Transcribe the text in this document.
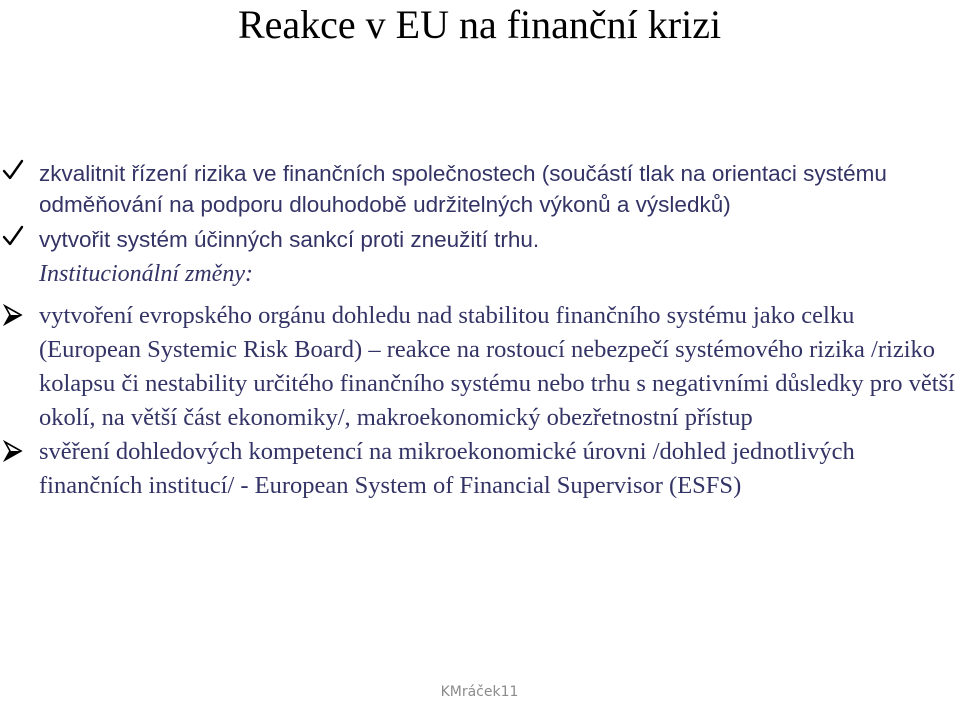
Reakce v EU na finanční krizi
zkvalitnit řízení rizika ve finančních společnostech (součástí tlak na orientaci systému odměňování na podporu dlouhodobě udržitelných výkonů a výsledků)
vytvořit systém účinných sankcí proti zneužití trhu.
Institucionální změny:
vytvoření evropského orgánu dohledu nad stabilitou finančního systému jako celku (European Systemic Risk Board) – reakce na rostoucí nebezpečí systémového rizika /riziko kolapsu či nestability určitého finančního systému nebo trhu s negativními důsledky pro větší okolí, na větší část ekonomiky/, makroekonomický obezřetnostní přístup
svěření dohledových kompetencí na mikroekonomické úrovni /dohled jednotlivých finančních institucí/ - European System of Financial Supervisor (ESFS)
KMráček11
